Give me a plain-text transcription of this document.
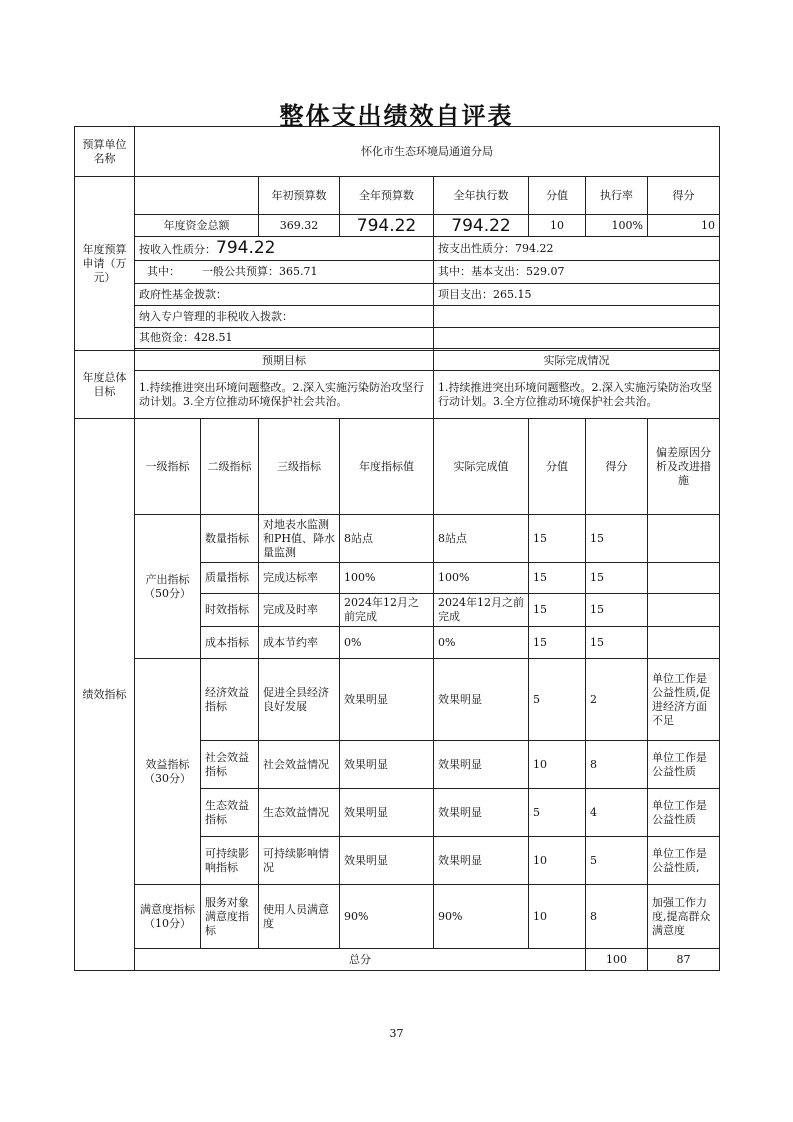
整体支出绩效自评表
预算单位名称	怀化市生态环境局通道分局								
年度预算申请（万元）			年初预算数	全年预算数	全年执行数	分值	执行率	得分	
	年度资金总额		369.32	794.22	794.22	10	100%	10	
	按收入性质分：794.22				按支出性质分：794.22				
	其中： 一般公共预算：365.71				其中：基本支出：529.07				
	政府性基金拨款：				项目支出：265.15				
	纳入专户管理的非税收入拨款：								
	其他资金：428.51								

年度总体目标	预期目标				实际完成情况				
	1.持续推进突出环境问题整改。2.深入实施污染防治攻坚行动计划。3.全方位推动环境保护社会共治。				1.持续推进突出环境问题整改。2.深入实施污染防治攻坚行动计划。3.全方位推动环境保护社会共治。				
绩效指标	一级指标	二级指标	三级指标	年度指标值	实际完成值	分值	得分	偏差原因分析及改进措施	
	产出指标（50分）	数量指标	对地表水监测和PH值、降水量监测	8站点	8站点	15	15		
		质量指标	完成达标率	100%	100%	15	15		
		时效指标	完成及时率	2024年12月之前完成	2024年12月之前完成	15	15		
		成本指标	成本节约率	0%	0%	15	15		
	效益指标（30分）	经济效益指标	促进全县经济良好发展	效果明显	效果明显	5	2	单位工作是公益性质,促进经济方面不足	
		社会效益指标	社会效益情况	效果明显	效果明显	10	8	单位工作是公益性质	
		生态效益指标	生态效益情况	效果明显	效果明显	5	4	单位工作是公益性质	
		可持续影响指标	可持续影响情况	效果明显	效果明显	10	5	单位工作是公益性质,	
	满意度指标（10分）	服务对象满意度指标	使用人员满意度	90%	90%	10	8	加强工作力度,提高群众满意度	
	总分						100	87	
37
